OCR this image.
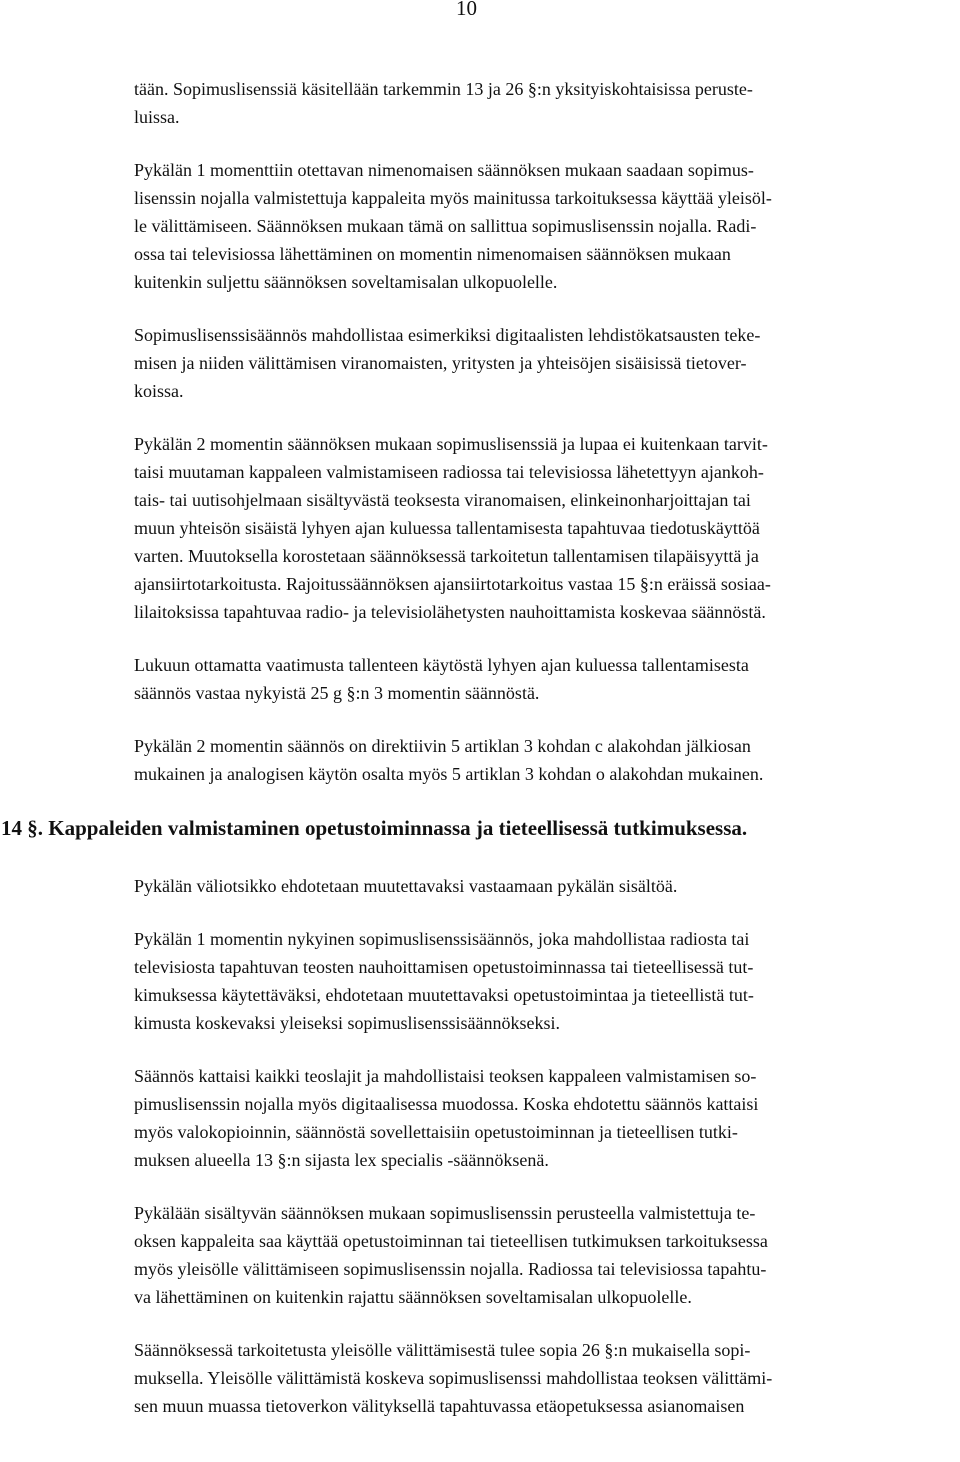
10
tään. Sopimuslisenssiä käsitellään tarkemmin 13 ja 26 §:n yksityiskohtaisissa peruste-
luissa.
Pykälän 1 momenttiin otettavan nimenomaisen säännöksen mukaan saadaan sopimus-
lisenssin nojalla valmistettuja kappaleita myös mainitussa tarkoituksessa käyttää yleisöl-
le välittämiseen. Säännöksen mukaan tämä on sallittua sopimuslisenssin nojalla. Radi-
ossa tai televisiossa lähettäminen on momentin nimenomaisen säännöksen mukaan
kuitenkin suljettu säännöksen soveltamisalan ulkopuolelle.
Sopimuslisenssisäännös mahdollistaa esimerkiksi digitaalisten lehdistökatsausten teke-
misen ja niiden välittämisen viranomaisten, yritysten ja yhteisöjen sisäisissä tietover-
koissa.
Pykälän 2 momentin säännöksen mukaan sopimuslisenssiä ja lupaa ei kuitenkaan tarvit-
taisi muutaman kappaleen valmistamiseen radiossa tai televisiossa lähetettyyn ajankoh-
tais- tai uutisohjelmaan sisältyvästä teoksesta viranomaisen, elinkeinonharjoittajan tai
muun yhteisön sisäistä lyhyen ajan kuluessa tallentamisesta tapahtuvaa tiedotuskäyttöä
varten. Muutoksella korostetaan säännöksessä tarkoitetun tallentamisen tilapäisyyttä ja
ajansiirtotarkoitusta. Rajoitussäännöksen ajansiirtotarkoitus vastaa 15 §:n eräissä sosiaa-
lilaitoksissa tapahtuvaa radio- ja televisiolähetysten nauhoittamista koskevaa säännöstä.
Lukuun ottamatta vaatimusta tallenteen käytöstä lyhyen ajan kuluessa tallentamisesta
säännös vastaa nykyistä 25 g §:n 3 momentin säännöstä.
Pykälän 2 momentin säännös on direktiivin 5 artiklan 3 kohdan c alakohdan jälkiosan
mukainen ja analogisen käytön osalta myös 5 artiklan 3 kohdan o alakohdan mukainen.
14 §. Kappaleiden valmistaminen opetustoiminnassa ja tieteellisessä tutkimuksessa.
Pykälän väliotsikko ehdotetaan muutettavaksi vastaamaan pykälän sisältöä.
Pykälän 1 momentin nykyinen sopimuslisenssisäännös, joka mahdollistaa radiosta tai
televisiosta tapahtuvan teosten nauhoittamisen opetustoiminnassa tai tieteellisessä tut-
kimuksessa käytettäväksi, ehdotetaan muutettavaksi opetustoimintaa ja tieteellistä tut-
kimusta koskevaksi yleiseksi sopimuslisenssisäännökseksi.
Säännös kattaisi kaikki teoslajit ja mahdollistaisi teoksen kappaleen valmistamisen so-
pimuslisenssin nojalla myös digitaalisessa muodossa. Koska ehdotettu säännös kattaisi
myös valokopioinnin, säännöstä sovellettaisiin opetustoiminnan ja tieteellisen tutki-
muksen alueella 13 §:n sijasta lex specialis -säännöksenä.
Pykälään sisältyvän säännöksen mukaan sopimuslisenssin perusteella valmistettuja te-
oksen kappaleita saa käyttää opetustoiminnan tai tieteellisen tutkimuksen tarkoituksessa
myös yleisölle välittämiseen sopimuslisenssin nojalla. Radiossa tai televisiossa tapahtu-
va lähettäminen on kuitenkin rajattu säännöksen soveltamisalan ulkopuolelle.
Säännöksessä tarkoitetusta yleisölle välittämisestä tulee sopia 26 §:n mukaisella sopi-
muksella. Yleisölle välittämistä koskeva sopimuslisenssi mahdollistaa teoksen välittämi-
sen muun muassa tietoverkon välityksellä tapahtuvassa etäopetuksessa asianomaisen
